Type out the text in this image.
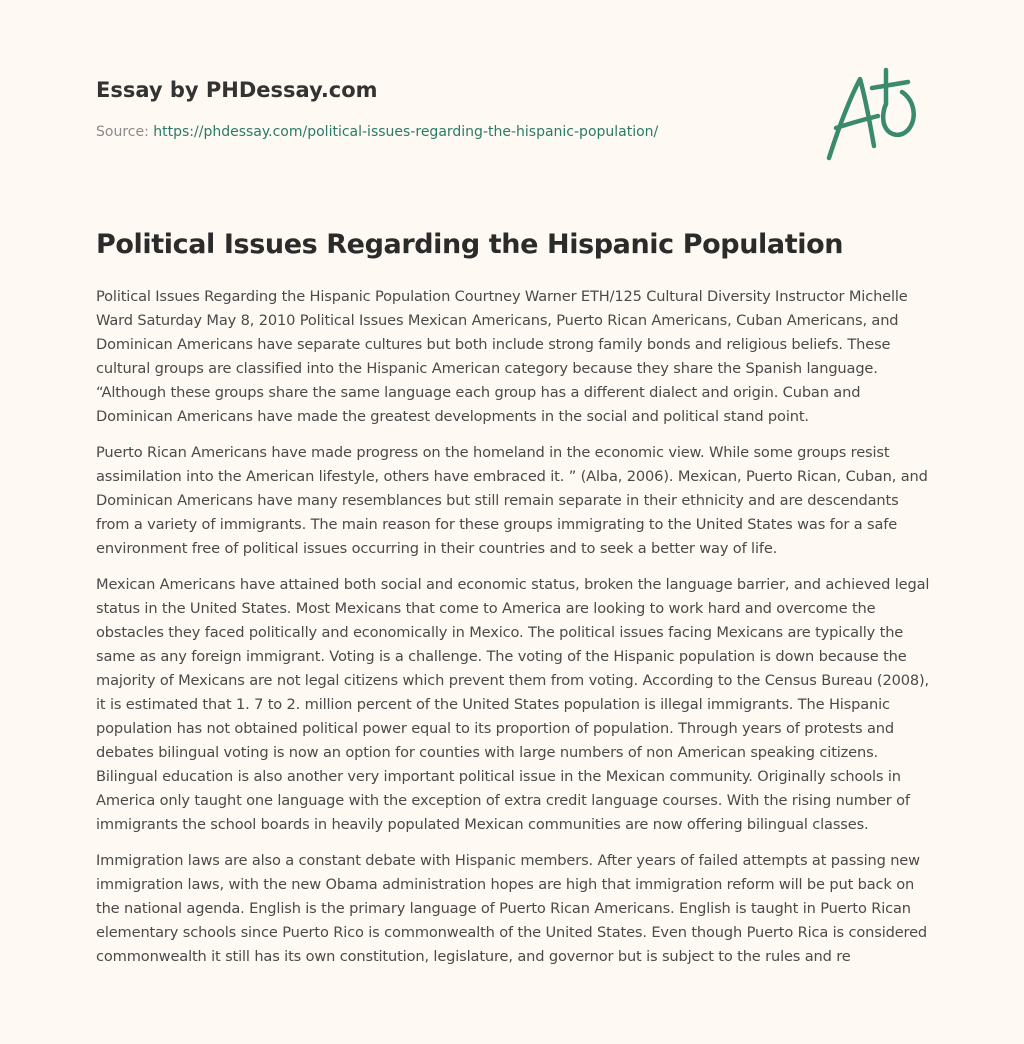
Essay by PHDessay.com
Source: https://phdessay.com/political-issues-regarding-the-hispanic-population/
Political Issues Regarding the Hispanic Population

Political Issues Regarding the Hispanic Population Courtney Warner ETH/125 Cultural Diversity Instructor Michelle Ward Saturday May 8, 2010 Political Issues Mexican Americans, Puerto Rican Americans, Cuban Americans, and Dominican Americans have separate cultures but both include strong family bonds and religious beliefs. These cultural groups are classified into the Hispanic American category because they share the Spanish language. “Although these groups share the same language each group has a different dialect and origin. Cuban and Dominican Americans have made the greatest developments in the social and political stand point.

Puerto Rican Americans have made progress on the homeland in the economic view. While some groups resist assimilation into the American lifestyle, others have embraced it. ” (Alba, 2006). Mexican, Puerto Rican, Cuban, and Dominican Americans have many resemblances but still remain separate in their ethnicity and are descendants from a variety of immigrants. The main reason for these groups immigrating to the United States was for a safe environment free of political issues occurring in their countries and to seek a better way of life.

Mexican Americans have attained both social and economic status, broken the language barrier, and achieved legal status in the United States. Most Mexicans that come to America are looking to work hard and overcome the obstacles they faced politically and economically in Mexico. The political issues facing Mexicans are typically the same as any foreign immigrant. Voting is a challenge. The voting of the Hispanic population is down because the majority of Mexicans are not legal citizens which prevent them from voting. According to the Census Bureau (2008), it is estimated that 1. 7 to 2. million percent of the United States population is illegal immigrants. The Hispanic population has not obtained political power equal to its proportion of population. Through years of protests and debates bilingual voting is now an option for counties with large numbers of non American speaking citizens. Bilingual education is also another very important political issue in the Mexican community. Originally schools in America only taught one language with the exception of extra credit language courses. With the rising number of immigrants the school boards in heavily populated Mexican communities are now offering bilingual classes.

Immigration laws are also a constant debate with Hispanic members. After years of failed attempts at passing new immigration laws, with the new Obama administration hopes are high that immigration reform will be put back on the national agenda. English is the primary language of Puerto Rican Americans. English is taught in Puerto Rican elementary schools since Puerto Rico is commonwealth of the United States. Even though Puerto Rica is considered commonwealth it still has its own constitution, legislature, and governor but is subject to the rules and re
